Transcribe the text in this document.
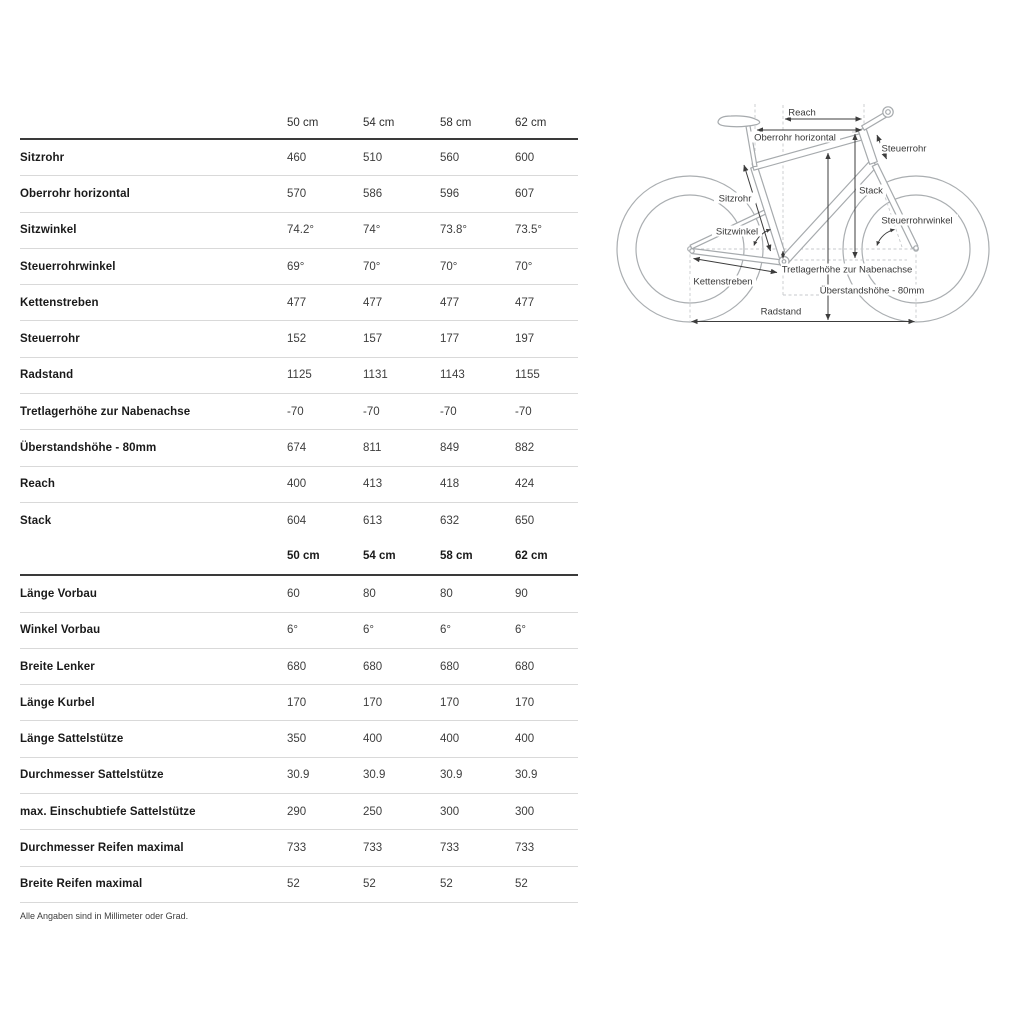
50 cm	54 cm	58 cm	62 cm
Sitzrohr	460	510	560	600
Oberrohr horizontal	570	586	596	607
Sitzwinkel	74.2°	74°	73.8°	73.5°
Steuerrohrwinkel	69°	70°	70°	70°
Kettenstreben	477	477	477	477
Steuerrohr	152	157	177	197
Radstand	1125	1131	1143	1155
Tretlagerhöhe zur Nabenachse	-70	-70	-70	-70
Überstandshöhe - 80mm	674	811	849	882
Reach	400	413	418	424
Stack	604	613	632	650
50 cm	54 cm	58 cm	62 cm
Länge Vorbau	60	80	80	90
Winkel Vorbau	6°	6°	6°	6°
Breite Lenker	680	680	680	680
Länge Kurbel	170	170	170	170
Länge Sattelstütze	350	400	400	400
Durchmesser Sattelstütze	30.9	30.9	30.9	30.9
max. Einschubtiefe Sattelstütze	290	250	300	300
Durchmesser Reifen maximal	733	733	733	733
Breite Reifen maximal	52	52	52	52
Alle Angaben sind in Millimeter oder Grad.
Reach
Oberrohr horizontal
Steuerrohr
Stack
Sitzrohr
Sitzwinkel
Steuerrohrwinkel
Tretlagerhöhe zur Nabenachse
Kettenstreben
Überstandshöhe - 80mm
Radstand
